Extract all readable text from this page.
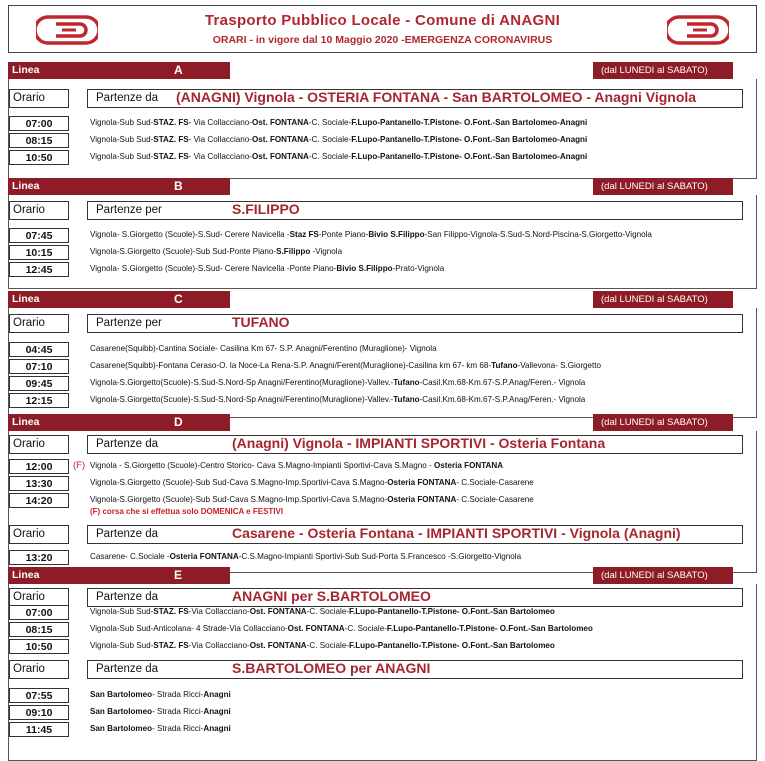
Trasporto Pubblico Locale - Comune di ANAGNI
ORARI - in vigore dal 10 Maggio 2020 -EMERGENZA CORONAVIRUS
Linea	A	(dal LUNEDI al SABATO)
Orario	Partenze da (ANAGNI) Vignola - OSTERIA FONTANA - San BARTOLOMEO - Anagni Vignola
07:00	Vignola-Sub Sud-STAZ. FS- Via Collacciano-Ost. FONTANA-C. Sociale-F.Lupo-Pantanello-T.Pistone- O.Font.-San Bartolomeo-Anagni
08:15	Vignola-Sub Sud-STAZ. FS- Via Collacciano-Ost. FONTANA-C. Sociale-F.Lupo-Pantanello-T.Pistone- O.Font.-San Bartolomeo-Anagni
10:50	Vignola-Sub Sud-STAZ. FS- Via Collacciano-Ost. FONTANA-C. Sociale-F.Lupo-Pantanello-T.Pistone- O.Font.-San Bartolomeo-Anagni
Linea	B	(dal LUNEDI al SABATO)
Orario	Partenze per	S.FILIPPO
07:45	Vignola- S.Giorgetto (Scuole)-S.Sud- Cerere Navicella -Staz FS-Ponte Piano-Bivio S.Filippo-San Filippo-Vignola-S.Sud-S.Nord-Piscina-S.Giorgetto-Vignola
10:15	Vignola-S.Giorgetto (Scuole)-Sub Sud-Ponte Piano-S.Filippo -Vignola
12:45	Vignola- S.Giorgetto (Scuole)-S.Sud- Cerere Navicella -Ponte Piano-Bivio S.Filippo-Prato-Vignola
Linea	C	(dal LUNEDI al SABATO)
Orario	Partenze per	TUFANO
04:45	Casarene(Squibb)-Cantina Sociale- Casilina Km 67- S.P. Anagni/Ferentino (Muraglione)- Vignola
07:10	Casarene(Squibb)-Fontana Ceraso-O. la Noce-La Rena-S.P. Anagni/Ferent(Muraglione)-Casilina km 67- km 68-Tufano-Vallevona- S.Giorgetto
09:45	Vignola-S.Giorgetto(Scuole)-S.Sud-S.Nord-Sp Anagni/Ferentino(Muraglione)-Vallev.-Tufano-Casil.Km.68-Km.67-S.P.Anag/Feren.- Vignola
12:15	Vignola-S.Giorgetto(Scuole)-S.Sud-S.Nord-Sp Anagni/Ferentino(Muraglione)-Vallev.-Tufano-Casil.Km.68-Km.67-S.P.Anag/Feren.- Vignola
Linea	D	(dal LUNEDI al SABATO)
Orario	Partenze da	(Anagni) Vignola - IMPIANTI SPORTIVI - Osteria Fontana
12:00	(F) Vignola - S.Giorgetto (Scuole)-Centro Storico- Cava S.Magno-Impianti Sportivi-Cava S.Magno - Osteria FONTANA
13:30	Vignola-S.Giorgetto (Scuole)-Sub Sud-Cava S.Magno-Imp.Sportivi-Cava S.Magno-Osteria FONTANA- C.Sociale-Casarene
14:20	Vignola-S.Giorgetto (Scuole)-Sub Sud-Cava S.Magno-Imp.Sportivi-Cava S.Magno-Osteria FONTANA- C.Sociale-Casarene
(F) corsa che si effettua solo DOMENICA e FESTIVI
Orario	Partenze da	Casarene - Osteria Fontana - IMPIANTI SPORTIVI - Vignola (Anagni)
13:20	Casarene- C.Sociale -Osteria FONTANA-C.S.Magno-Impianti Sportivi-Sub Sud-Porta S.Francesco -S.Giorgetto-Vignola
Linea	E	(dal LUNEDI al SABATO)
Orario	Partenze da	ANAGNI per S.BARTOLOMEO
07:00	Vignola-Sub Sud-STAZ. FS-Via Collacciano-Ost. FONTANA-C. Sociale-F.Lupo-Pantanello-T.Pistone- O.Font.-San Bartolomeo
08:15	Vignola-Sub Sud-Anticolana- 4 Strade-Via Collacciano-Ost. FONTANA-C. Sociale-F.Lupo-Pantanello-T.Pistone- O.Font.-San Bartolomeo
10:50	Vignola-Sub Sud-STAZ. FS-Via Collacciano-Ost. FONTANA-C. Sociale-F.Lupo-Pantanello-T.Pistone- O.Font.-San Bartolomeo
Orario	Partenze da	S.BARTOLOMEO per ANAGNI
07:55	San Bartolomeo- Strada Ricci-Anagni
09:10	San Bartolomeo- Strada Ricci-Anagni
11:45	San Bartolomeo- Strada Ricci-Anagni
